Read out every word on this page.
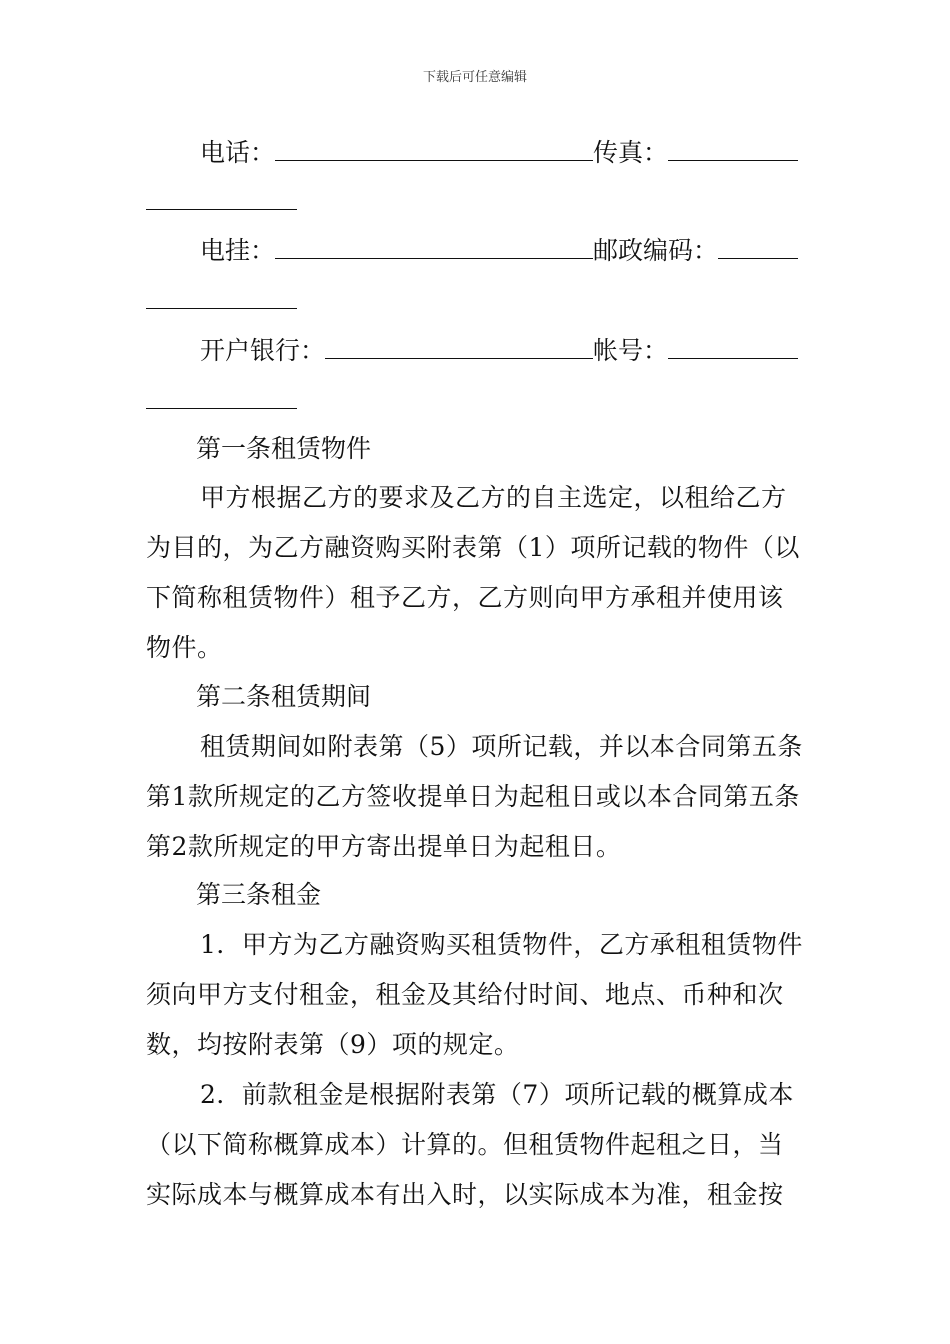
下载后可任意编辑
电话：	传真：
电挂：	邮政编码：
开户银行：	帐号：
第一条租赁物件
甲方根据乙方的要求及乙方的自主选定，以租给乙方为目的，为乙方融资购买附表第（1）项所记载的物件（以下简称租赁物件）租予乙方，乙方则向甲方承租并使用该物件。
第二条租赁期间
租赁期间如附表第（5）项所记载，并以本合同第五条第1款所规定的乙方签收提单日为起租日或以本合同第五条第2款所规定的甲方寄出提单日为起租日。
第三条租金
1．甲方为乙方融资购买租赁物件，乙方承租租赁物件须向甲方支付租金，租金及其给付时间、地点、币种和次数，均按附表第（9）项的规定。
2．前款租金是根据附表第（7）项所记载的概算成本（以下简称概算成本）计算的。但租赁物件起租之日，当实际成本与概算成本有出入时，以实际成本为准，租金按
